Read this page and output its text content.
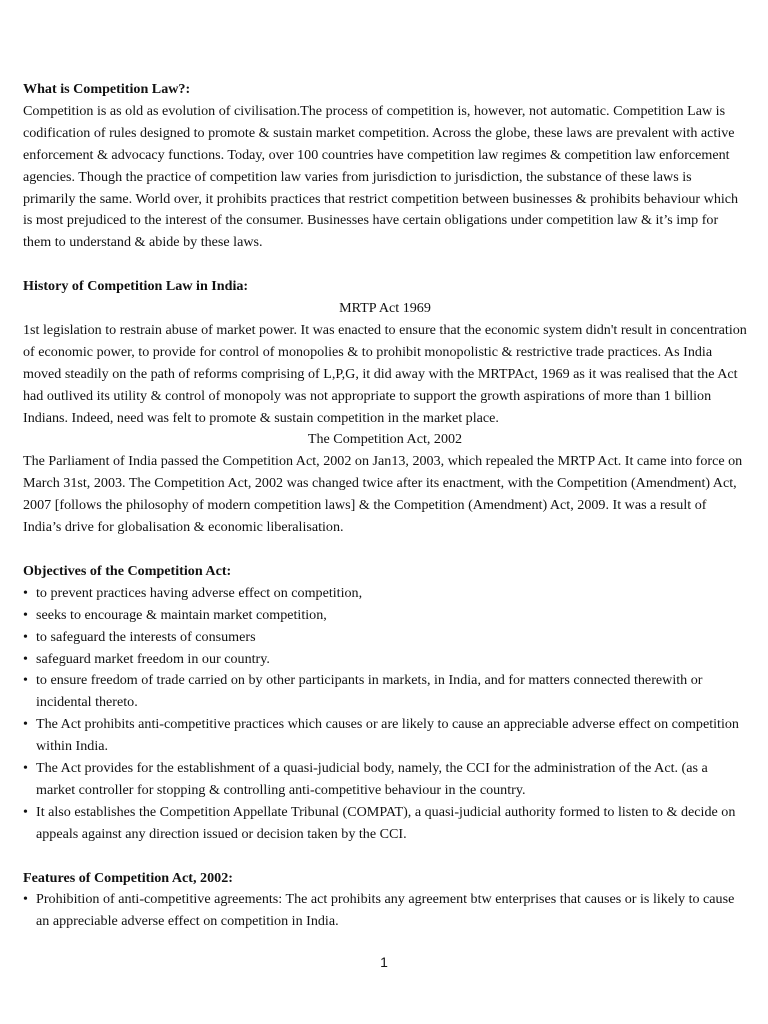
What is Competition Law?:

Competition is as old as evolution of civilisation.The process of competition is, however, not automatic. Competition Law is codification of rules designed to promote & sustain market competition. Across the globe, these laws are prevalent with active enforcement & advocacy functions. Today, over 100 countries have competition law regimes & competition law enforcement agencies. Though the practice of competition law varies from jurisdiction to jurisdiction, the substance of these laws is primarily the same. World over, it prohibits practices that restrict competition between businesses & prohibits behaviour which is most prejudiced to the interest of the consumer. Businesses have certain obligations under competition law & it’s imp for them to understand & abide by these laws.

History of Competition Law in India:

MRTP Act 1969

1st legislation to restrain abuse of market power. It was enacted to ensure that the economic system didn't result in concentration of economic power, to provide for control of monopolies & to prohibit monopolistic & restrictive trade practices. As India moved steadily on the path of reforms comprising of L,P,G, it did away with the MRTPAct, 1969 as it was realised that the Act had outlived its utility & control of monopoly was not appropriate to support the growth aspirations of more than 1 billion Indians. Indeed, need was felt to promote & sustain competition in the market place.

The Competition Act, 2002

The Parliament of India passed the Competition Act, 2002 on Jan13, 2003, which repealed the MRTP Act. It came into force on March 31st, 2003. The Competition Act, 2002 was changed twice after its enactment, with the Competition (Amendment) Act, 2007 [follows the philosophy of modern competition laws] & the Competition (Amendment) Act, 2009. It was a result of India’s drive for globalisation & economic liberalisation.

Objectives of the Competition Act:

• to prevent practices having adverse effect on competition,
• seeks to encourage & maintain market competition,
• to safeguard the interests of consumers
• safeguard market freedom in our country.
• to ensure freedom of trade carried on by other participants in markets, in India, and for matters connected therewith or incidental thereto.
• The Act prohibits anti-competitive practices which causes or are likely to cause an appreciable adverse effect on competition within India.
• The Act provides for the establishment of a quasi-judicial body, namely, the CCI for the administration of the Act. (as a market controller for stopping & controlling anti-competitive behaviour in the country.
• It also establishes the Competition Appellate Tribunal (COMPAT), a quasi-judicial authority formed to listen to & decide on appeals against any direction issued or decision taken by the CCI.

Features of Competition Act, 2002:

• Prohibition of anti-competitive agreements: The act prohibits any agreement btw enterprises that causes or is likely to cause an appreciable adverse effect on competition in India.
1
